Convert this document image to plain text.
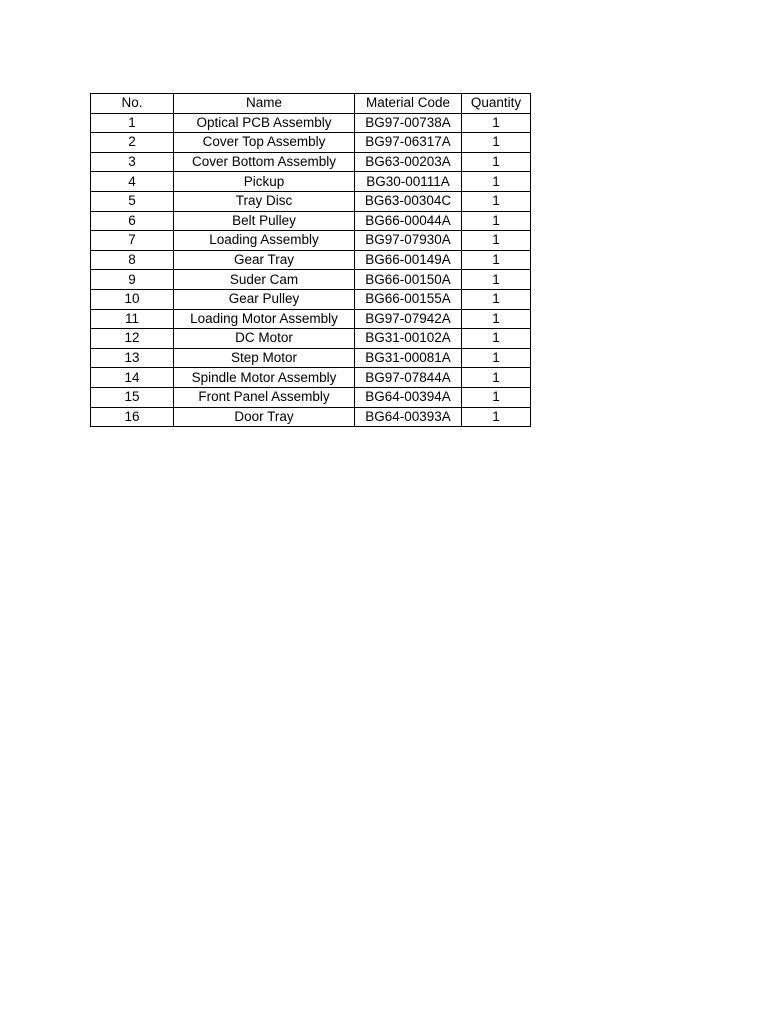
No.	Name	Material Code	Quantity
1	Optical PCB Assembly	BG97-00738A	1
2	Cover Top Assembly	BG97-06317A	1
3	Cover Bottom Assembly	BG63-00203A	1
4	Pickup	BG30-00111A	1
5	Tray Disc	BG63-00304C	1
6	Belt Pulley	BG66-00044A	1
7	Loading Assembly	BG97-07930A	1
8	Gear Tray	BG66-00149A	1
9	Suder Cam	BG66-00150A	1
10	Gear Pulley	BG66-00155A	1
11	Loading Motor Assembly	BG97-07942A	1
12	DC Motor	BG31-00102A	1
13	Step Motor	BG31-00081A	1
14	Spindle Motor Assembly	BG97-07844A	1
15	Front Panel Assembly	BG64-00394A	1
16	Door Tray	BG64-00393A	1
